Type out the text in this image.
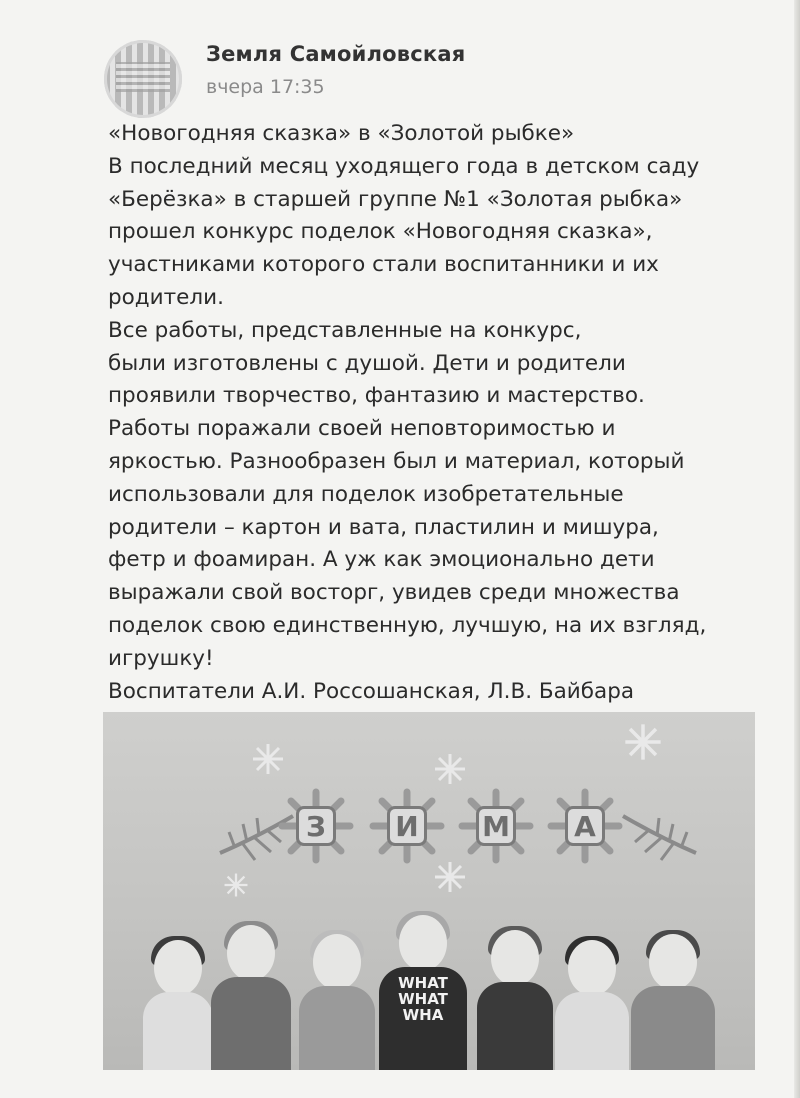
Земля Самойловская
вчера 17:35

«Новогодняя сказка» в «Золотой рыбке»

В последний месяц уходящего года в детском саду

«Берёзка» в старшей группе №1 «Золотая рыбка»

прошел конкурс поделок «Новогодняя сказка»,

участниками которого стали воспитанники и их

родители.

Все работы, представленные на конкурс,

были изготовлены с душой. Дети и родители

проявили творчество, фантазию и мастерство.

Работы поражали своей неповторимостью и

яркостью. Разнообразен был и материал, который

использовали для поделок изобретательные

родители – картон и вата, пластилин и мишура,

фетр и фоамиран. А уж как эмоционально дети

выражали свой восторг, увидев среди множества

поделок свою единственную, лучшую, на их взгляд,

игрушку!

Воспитатели А.И. Россошанская, Л.В. Байбара

З	И М	А
WHAT
WHAT
WHA
